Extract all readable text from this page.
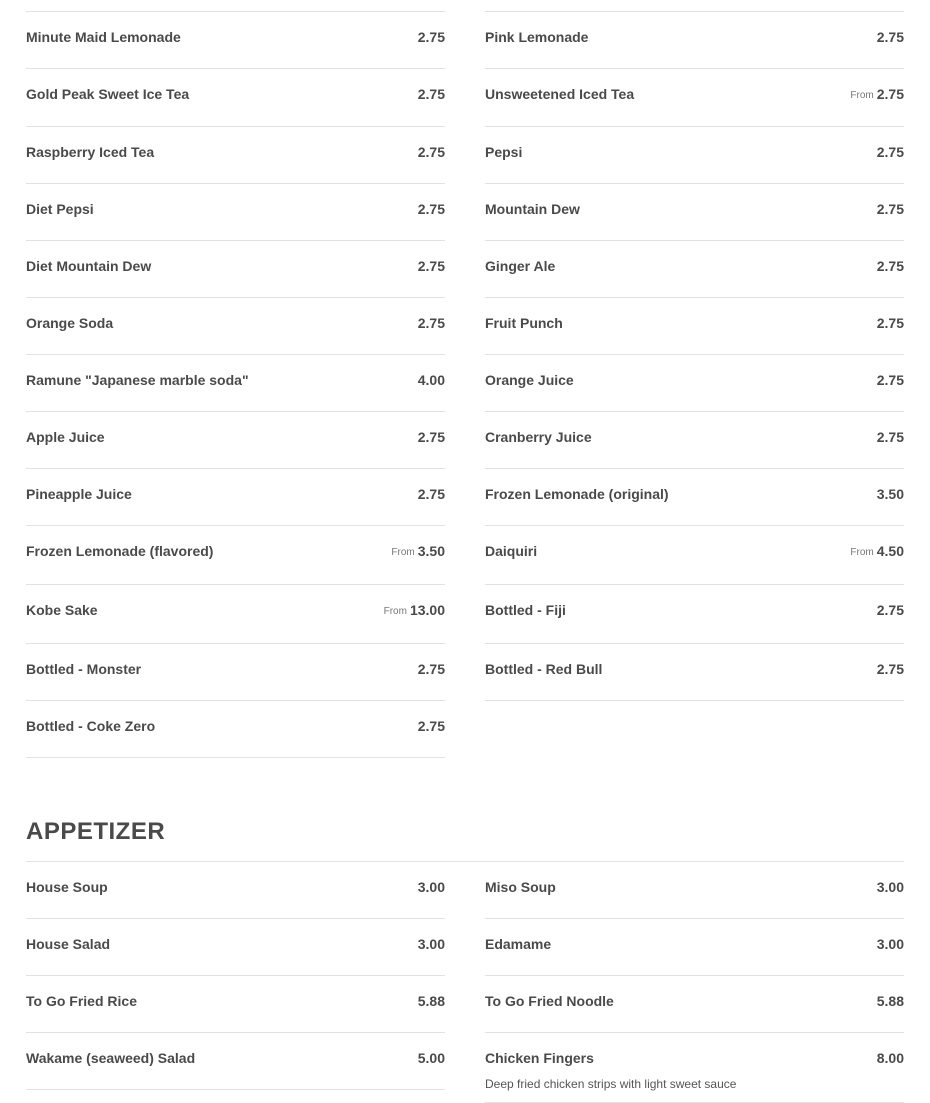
Minute Maid Lemonade	2.75
Gold Peak Sweet Ice Tea	2.75
Raspberry Iced Tea	2.75
Diet Pepsi	2.75
Diet Mountain Dew	2.75
Orange Soda	2.75
Ramune "Japanese marble soda"	4.00
Apple Juice	2.75
Pineapple Juice	2.75
Frozen Lemonade (flavored)	From 3.50
Kobe Sake	From 13.00
Bottled - Monster	2.75
Bottled - Coke Zero	2.75
Pink Lemonade	2.75
Unsweetened Iced Tea	From 2.75
Pepsi	2.75
Mountain Dew	2.75
Ginger Ale	2.75
Fruit Punch	2.75
Orange Juice	2.75
Cranberry Juice	2.75
Frozen Lemonade (original)	3.50
Daiquiri	From 4.50
Bottled - Fiji	2.75
Bottled - Red Bull	2.75
APPETIZER
House Soup	3.00
House Salad	3.00
To Go Fried Rice	5.88
Wakame (seaweed) Salad	5.00
Miso Soup	3.00
Edamame	3.00
To Go Fried Noodle	5.88
Chicken Fingers	8.00
Deep fried chicken strips with light sweet sauce
